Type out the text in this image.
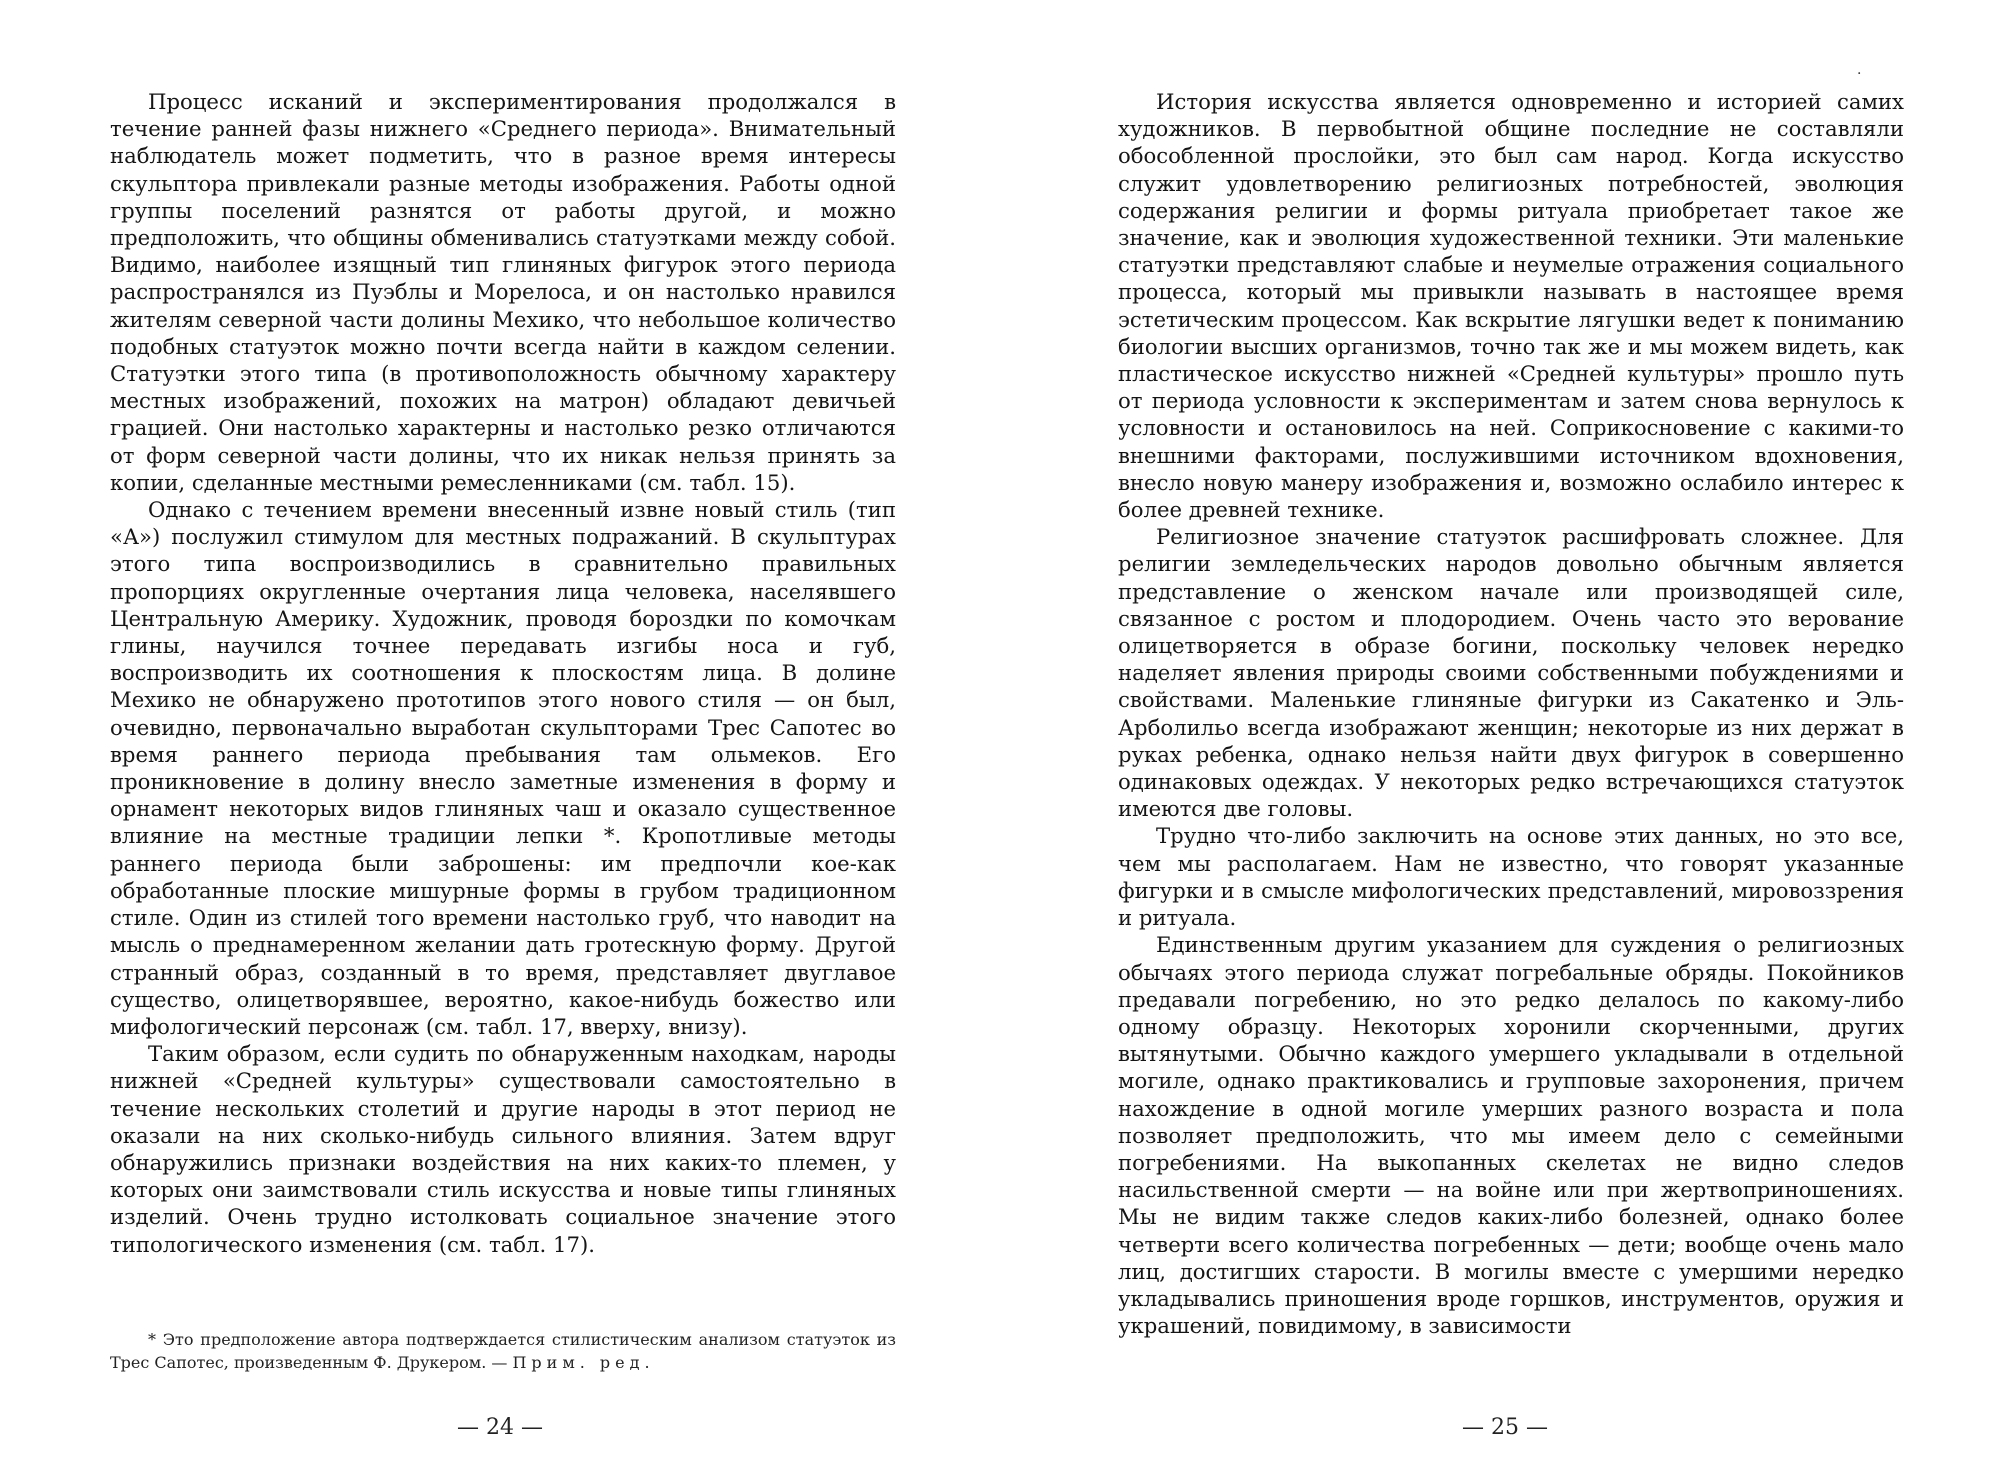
Процесс исканий и экспериментирования продолжался в течение ранней фазы нижнего «Среднего периода». Внимательный наблюдатель может подметить, что в разное время интересы скульптора привлекали разные методы изображения. Работы одной группы поселений разнятся от работы другой, и можно предположить, что общины обменивались статуэтками между собой. Видимо, наиболее изящный тип глиняных фигурок этого периода распространялся из Пуэблы и Морелоса, и он настолько нравился жителям северной части долины Мехико, что небольшое количество подобных статуэток можно почти всегда найти в каждом селении. Статуэтки этого типа (в противоположность обычному характеру местных изображений, похожих на матрон) обладают девичьей грацией. Они настолько характерны и настолько резко отличаются от форм северной части долины, что их никак нельзя принять за копии, сделанные местными ремесленниками (см. табл. 15).

Однако с течением времени внесенный извне новый стиль (тип «А») послужил стимулом для местных подражаний. В скульптурах этого типа воспроизводились в сравнительно правильных пропорциях округленные очертания лица человека, населявшего Центральную Америку. Художник, проводя бороздки по комочкам глины, научился точнее передавать изгибы носа и губ, воспроизводить их соотношения к плоскостям лица. В долине Мехико не обнаружено прототипов этого нового стиля — он был, очевидно, первоначально выработан скульпторами Трес Сапотес во время раннего периода пребывания там ольмеков. Его проникновение в долину внесло заметные изменения в форму и орнамент некоторых видов глиняных чаш и оказало существенное влияние на местные традиции лепки *. Кропотливые методы раннего периода были заброшены: им предпочли кое-как обработанные плоские мишурные формы в грубом традиционном стиле. Один из стилей того времени настолько груб, что наводит на мысль о преднамеренном желании дать гротескную форму. Другой странный образ, созданный в то время, представляет двуглавое существо, олицетворявшее, вероятно, какое-нибудь божество или мифологический персонаж (см. табл. 17, вверху, внизу).

Таким образом, если судить по обнаруженным находкам, народы нижней «Средней культуры» существовали самостоятельно в течение нескольких столетий и другие народы в этот период не оказали на них сколько-нибудь сильного влияния. Затем вдруг обнаружились признаки воздействия на них каких-то племен, у которых они заимствовали стиль искусства и новые типы глиняных изделий. Очень трудно истолковать социальное значение этого типологического изменения (см. табл. 17).

* Это предположение автора подтверждается стилистическим анализом статуэток из Трес Сапотес, произведенным Ф. Друкером. — Прим. ред.

— 24 —
·

История искусства является одновременно и историей самих художников. В первобытной общине последние не составляли обособленной прослойки, это был сам народ. Когда искусство служит удовлетворению религиозных потребностей, эволюция содержания религии и формы ритуала приобретает такое же значение, как и эволюция художественной техники. Эти маленькие статуэтки представляют слабые и неумелые отражения социального процесса, который мы привыкли называть в настоящее время эстетическим процессом. Как вскрытие лягушки ведет к пониманию биологии высших организмов, точно так же и мы можем видеть, как пластическое искусство нижней «Средней культуры» прошло путь от периода условности к экспериментам и затем снова вернулось к условности и остановилось на ней. Соприкосновение с какими-то внешними факторами, послужившими источником вдохновения, внесло новую манеру изображения и, возможно ослабило интерес к более древней технике.

Религиозное значение статуэток расшифровать сложнее. Для религии земледельческих народов довольно обычным является представление о женском начале или производящей силе, связанное с ростом и плодородием. Очень часто это верование олицетворяется в образе богини, поскольку человек нередко наделяет явления природы своими собственными побуждениями и свойствами. Маленькие глиняные фигурки из Сакатенко и Эль-Арболильо всегда изображают женщин; некоторые из них держат в руках ребенка, однако нельзя найти двух фигурок в совершенно одинаковых одеждах. У некоторых редко встречающихся статуэток имеются две головы.

Трудно что-либо заключить на основе этих данных, но это все, чем мы располагаем. Нам не известно, что говорят указанные фигурки и в смысле мифологических представлений, мировоззрения и ритуала.

Единственным другим указанием для суждения о религиозных обычаях этого периода служат погребальные обряды. Покойников предавали погребению, но это редко делалось по какому-либо одному образцу. Некоторых хоронили скорченными, других вытянутыми. Обычно каждого умершего укладывали в отдельной могиле, однако практиковались и групповые захоронения, причем нахождение в одной могиле умерших разного возраста и пола позволяет предположить, что мы имеем дело с семейными погребениями. На выкопанных скелетах не видно следов насильственной смерти — на войне или при жертвоприношениях. Мы не видим также следов каких-либо болезней, однако более четверти всего количества погребенных — дети; вообще очень мало лиц, достигших старости. В могилы вместе с умершими нередко укладывались приношения вроде горшков, инструментов, оружия и украшений, повидимому, в зависимости

— 25 —
